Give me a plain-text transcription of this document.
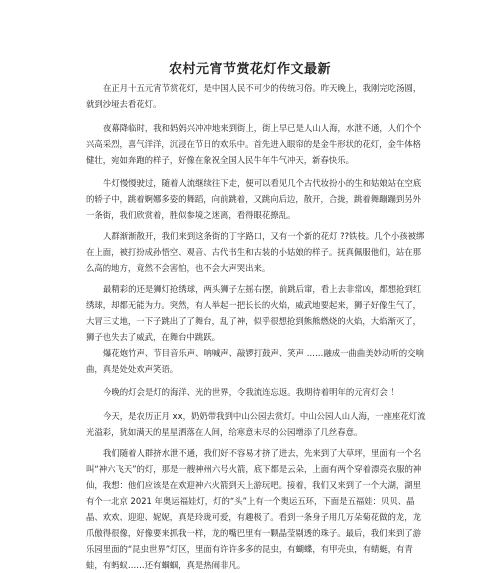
农村元宵节赏花灯作文最新

在正月十五元宵节赏花灯，是中国人民不可少的传统习俗。昨天晚上，我刚完吃汤圆，就到沙垭去看花灯。

夜幕降临时，我和妈妈兴冲冲地来到街上，街上早已是人山人海，水泄不通，人们个个兴高采烈，喜气洋洋，沉浸在节日的欢乐中。首先进入眼帘的是金牛形状的花灯，金牛体格健壮，宛如奔跑的样子，好像在象祝全国人民牛年牛气冲天，新春快乐。

牛灯慢慢驶过，随着人流继续往下走，便可以看见几个古代妆扮小的生和姑娘站在空底的轿子中，跳着婀娜多姿的舞蹈，向前跳着，又跳向后边，散开，合拢，跳着舞蹦蹦到另外一条街，我们欣赏着，胜似参境之迷离，看得眼花撩乱。

人群渐渐散开，我们来到这条街的丁字路口，又有一个新的花灯 ??铁枝。几个小孩被绑在上面，被打扮成孙悟空、观音、古代书生和古装的小姑娘的样子。抚真佩服他们，站在那么高的地方，竟然不会害怕，也不会大声哭出来。

最精彩的还是狮灯抢绣球，两头狮子左摇右摆，前跳后窜，看上去非常凶，都想抢到红绣球，却都无能为力。突然，有人举起一把长长的火焰，威武地要起来，狮子好像生气了，大冒三丈地，一下子跳出了了舞台，乱了神，似乎很想抢到熊熊燃烧的火焰，大焰渐灭了，狮子也失去了威武，在舞台中跳跃。

爆花炮竹声、节目音乐声、呐喊声、敲锣打鼓声、笑声 ……融成一曲曲美妙动听的交响曲，真是处处欢声笑语。

今晚的灯会是灯的海洋、光的世界，令我流连忘返。我期待着明年的元宵灯会 ！

今天，是农历正月 xx，奶奶带我到中山公园去赏灯。中山公园人山人海，一座座花灯流光溢彩，犹如满天的星星洒落在人间，给寒意未尽的公园增添了几丝春意。

我们随着人群挤水泄不通，我们好不容易才挤了进去，先来到了大草坪，里面有一个名叫“神六飞天”的灯，那是一艘神州六号火箭，底下都是云朵，上面有两个穿着漂亮衣服的神仙，我想：他们应该是在欢迎神六火箭到天上游玩吧。接着，我们又来到了一个大湖，湖里有个一北京 2021 年奥运福娃灯，灯的“头”上有一个奥运五环，下面是五福娃：贝贝、晶晶、欢欢、迎迎、妮妮，真是玲珑可爱，有趣极了。看到一条身子用几万朵菊花做的龙，龙爪傲得很像，好像要来抓我一样，龙的嘴巴里有一颗晶莹剔透的珠子。最后，我们来到了游乐园里面的“昆虫世界”灯区，里面有许许多多的昆虫，有蝴蝶，有甲壳虫，有蜻蜓，有青蛙，有蚂蚁……还有蝈蝈，真是热闹非凡。
